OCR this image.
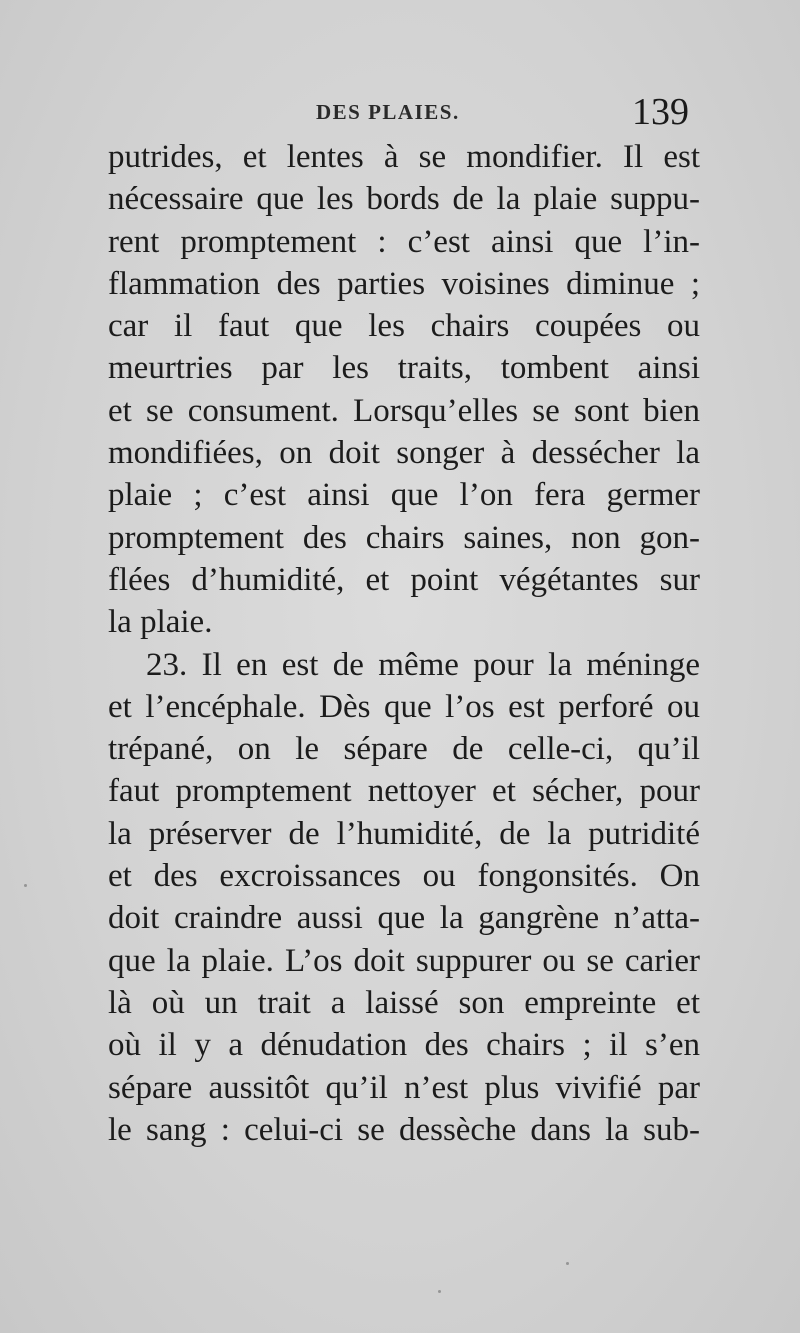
DES PLAIES.	139
putrides, et lentes à se mondifier. Il est
nécessaire que les bords de la plaie suppu-
rent promptement : c’est ainsi que l’in-
flammation des parties voisines diminue ;
car il faut que les chairs coupées ou
meurtries par les traits, tombent ainsi
et se consument. Lorsqu’elles se sont bien
mondifiées, on doit songer à dessécher la
plaie ; c’est ainsi que l’on fera germer
promptement des chairs saines, non gon-
flées d’humidité, et point végétantes sur
la plaie.
23. Il en est de même pour la méninge
et l’encéphale. Dès que l’os est perforé ou
trépané, on le sépare de celle-ci, qu’il
faut promptement nettoyer et sécher, pour
la préserver de l’humidité, de la putridité
et des excroissances ou fongonsités. On
doit craindre aussi que la gangrène n’atta-
que la plaie. L’os doit suppurer ou se carier
là où un trait a laissé son empreinte et
où il y a dénudation des chairs ; il s’en
sépare aussitôt qu’il n’est plus vivifié par
le sang : celui-ci se dessèche dans la sub-
